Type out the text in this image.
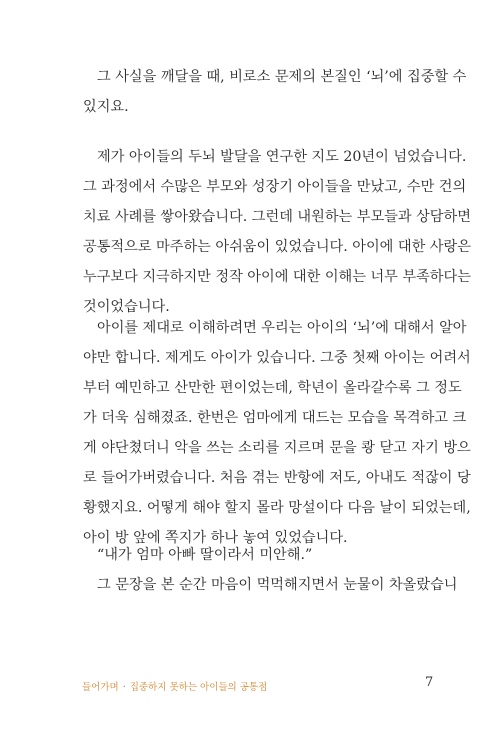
그 사실을 깨달을 때, 비로소 문제의 본질인 ‘뇌’에 집중할 수
있지요.
제가 아이들의 두뇌 발달을 연구한 지도 20년이 넘었습니다.
그 과정에서 수많은 부모와 성장기 아이들을 만났고, 수만 건의
치료 사례를 쌓아왔습니다. 그런데 내원하는 부모들과 상담하면
공통적으로 마주하는 아쉬움이 있었습니다. 아이에 대한 사랑은
누구보다 지극하지만 정작 아이에 대한 이해는 너무 부족하다는
것이었습니다.
아이를 제대로 이해하려면 우리는 아이의 ‘뇌’에 대해서 알아
야만 합니다. 제게도 아이가 있습니다. 그중 첫째 아이는 어려서
부터 예민하고 산만한 편이었는데, 학년이 올라갈수록 그 정도
가 더욱 심해졌죠. 한번은 엄마에게 대드는 모습을 목격하고 크
게 야단쳤더니 악을 쓰는 소리를 지르며 문을 쾅 닫고 자기 방으
로 들어가버렸습니다. 처음 겪는 반항에 저도, 아내도 적잖이 당
황했지요. 어떻게 해야 할지 몰라 망설이다 다음 날이 되었는데,
아이 방 앞에 쪽지가 하나 놓여 있었습니다.
“내가 엄마 아빠 딸이라서 미안해.”
그 문장을 본 순간 마음이 먹먹해지면서 눈물이 차올랐습니
들어가며 · 집중하지 못하는 아이들의 공통점	7
